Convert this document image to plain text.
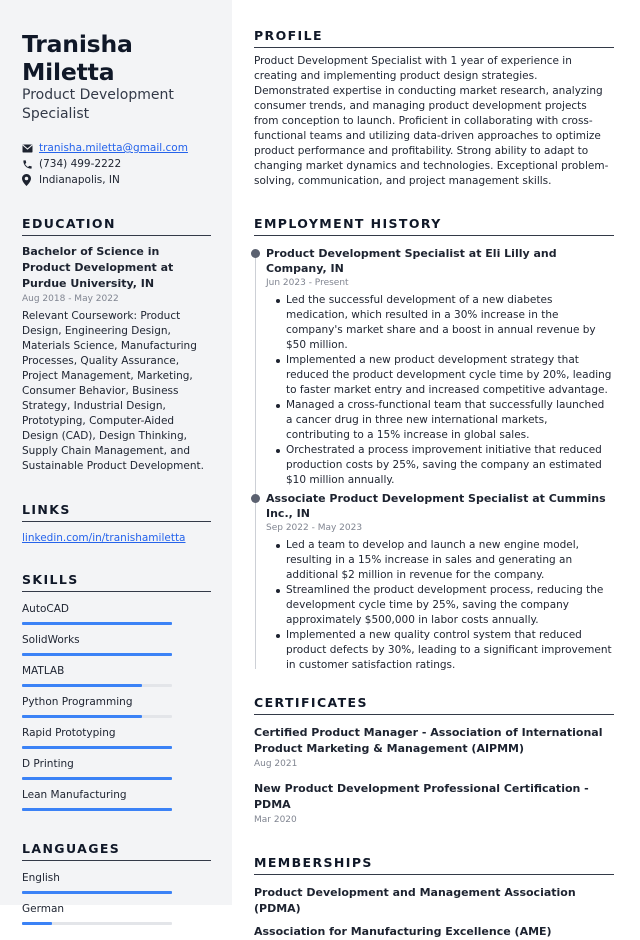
Tranisha Miletta
Product Development Specialist
tranisha.miletta@gmail.com
(734) 499-2222
Indianapolis, IN
EDUCATION
Bachelor of Science in Product Development at Purdue University, IN
Aug 2018 - May 2022
Relevant Coursework: Product Design, Engineering Design, Materials Science, Manufacturing Processes, Quality Assurance, Project Management, Marketing, Consumer Behavior, Business Strategy, Industrial Design, Prototyping, Computer-Aided Design (CAD), Design Thinking, Supply Chain Management, and Sustainable Product Development.
LINKS
linkedin.com/in/tranishamiletta
SKILLS
AutoCAD
SolidWorks
MATLAB
Python Programming
Rapid Prototyping
D Printing
Lean Manufacturing
LANGUAGES
English
German
PROFILE

Product Development Specialist with 1 year of experience in creating and implementing product design strategies. Demonstrated expertise in conducting market research, analyzing consumer trends, and managing product development projects from conception to launch. Proficient in collaborating with cross-functional teams and utilizing data-driven approaches to optimize product performance and profitability. Strong ability to adapt to changing market dynamics and technologies. Exceptional problem-solving, communication, and project management skills.

EMPLOYMENT HISTORY
Product Development Specialist at Eli Lilly and Company, IN
Jun 2023 - Present
Led the successful development of a new diabetes medication, which resulted in a 30% increase in the company's market share and a boost in annual revenue by $50 million.
Implemented a new product development strategy that reduced the product development cycle time by 20%, leading to faster market entry and increased competitive advantage.
Managed a cross-functional team that successfully launched a cancer drug in three new international markets, contributing to a 15% increase in global sales.
Orchestrated a process improvement initiative that reduced production costs by 25%, saving the company an estimated $10 million annually.
Associate Product Development Specialist at Cummins Inc., IN
Sep 2022 - May 2023
Led a team to develop and launch a new engine model, resulting in a 15% increase in sales and generating an additional $2 million in revenue for the company.
Streamlined the product development process, reducing the development cycle time by 25%, saving the company approximately $500,000 in labor costs annually.
Implemented a new quality control system that reduced product defects by 30%, leading to a significant improvement in customer satisfaction ratings.
CERTIFICATES
Certified Product Manager - Association of International Product Marketing & Management (AIPMM)
Aug 2021
New Product Development Professional Certification - PDMA
Mar 2020
MEMBERSHIPS
Product Development and Management Association (PDMA)
Association for Manufacturing Excellence (AME)
